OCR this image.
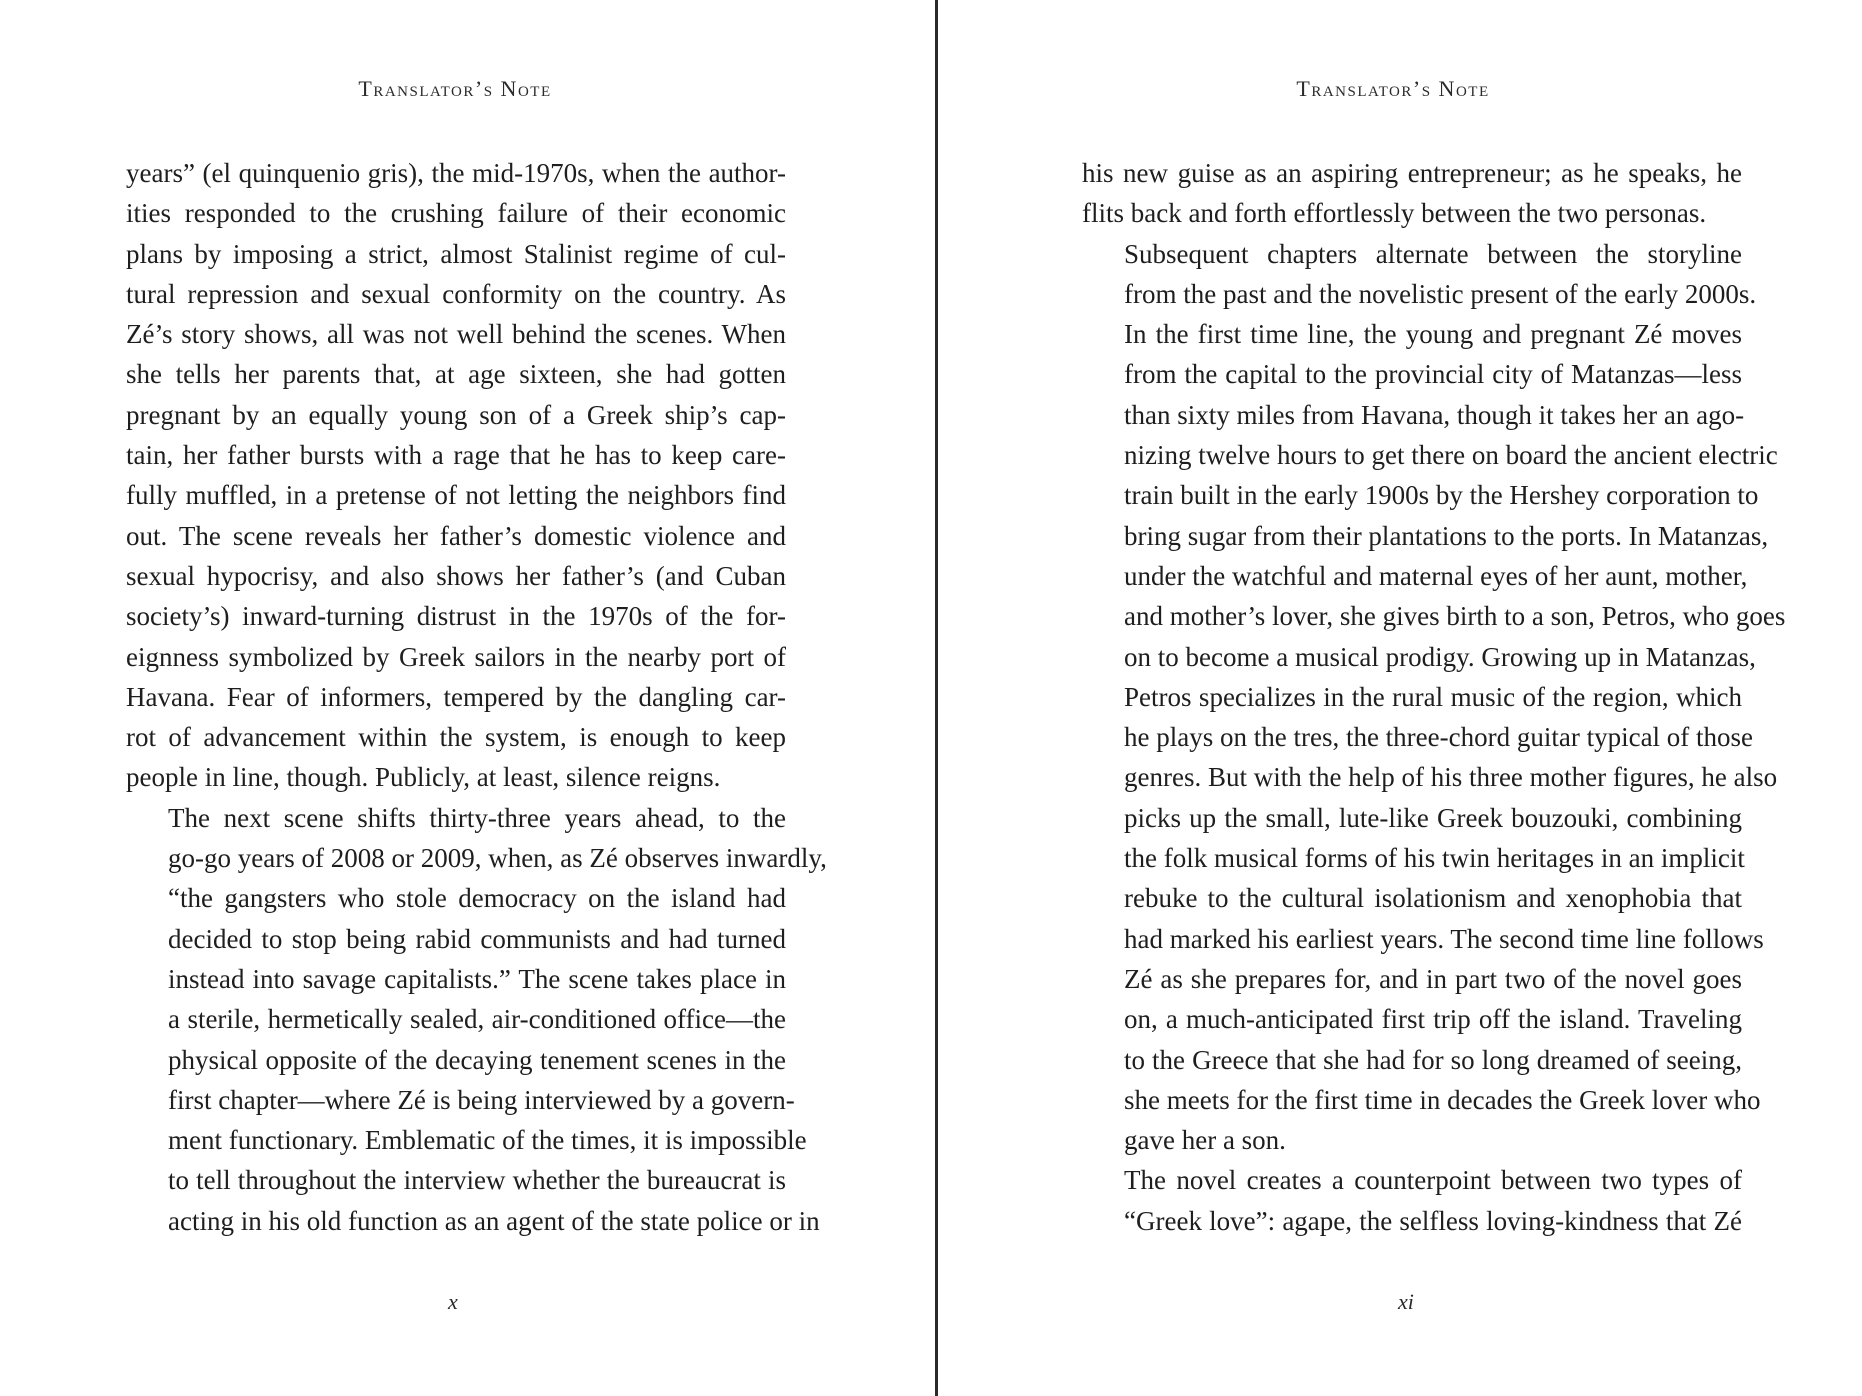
Translator’s Note

years” (el quinquenio gris), the mid-1970s, when the author-
ities responded to the crushing failure of their economic
plans by imposing a strict, almost Stalinist regime of cul-
tural repression and sexual conformity on the country. As
Zé’s story shows, all was not well behind the scenes. When
she tells her parents that, at age sixteen, she had gotten
pregnant by an equally young son of a Greek ship’s cap-
tain, her father bursts with a rage that he has to keep care-
fully muffled, in a pretense of not letting the neighbors find
out. The scene reveals her father’s domestic violence and
sexual hypocrisy, and also shows her father’s (and Cuban
society’s) inward-turning distrust in the 1970s of the for-
eignness symbolized by Greek sailors in the nearby port of
Havana. Fear of informers, tempered by the dangling car-
rot of advancement within the system, is enough to keep
people in line, though. Publicly, at least, silence reigns.

The next scene shifts thirty-three years ahead, to the
go-go years of 2008 or 2009, when, as Zé observes inwardly,
“the gangsters who stole democracy on the island had
decided to stop being rabid communists and had turned
instead into savage capitalists.” The scene takes place in
a sterile, hermetically sealed, air-conditioned office—the
physical opposite of the decaying tenement scenes in the
first chapter—where Zé is being interviewed by a govern-
ment functionary. Emblematic of the times, it is impossible
to tell throughout the interview whether the bureaucrat is
acting in his old function as an agent of the state police or in

x
Translator’s Note

his new guise as an aspiring entrepreneur; as he speaks, he
flits back and forth effortlessly between the two personas.

Subsequent chapters alternate between the storyline
from the past and the novelistic present of the early 2000s.
In the first time line, the young and pregnant Zé moves
from the capital to the provincial city of Matanzas—less
than sixty miles from Havana, though it takes her an ago-
nizing twelve hours to get there on board the ancient electric
train built in the early 1900s by the Hershey corporation to
bring sugar from their plantations to the ports. In Matanzas,
under the watchful and maternal eyes of her aunt, mother,
and mother’s lover, she gives birth to a son, Petros, who goes
on to become a musical prodigy. Growing up in Matanzas,
Petros specializes in the rural music of the region, which
he plays on the tres, the three-chord guitar typical of those
genres. But with the help of his three mother figures, he also
picks up the small, lute-like Greek bouzouki, combining
the folk musical forms of his twin heritages in an implicit
rebuke to the cultural isolationism and xenophobia that
had marked his earliest years. The second time line follows
Zé as she prepares for, and in part two of the novel goes
on, a much-anticipated first trip off the island. Traveling
to the Greece that she had for so long dreamed of seeing,
she meets for the first time in decades the Greek lover who
gave her a son.

The novel creates a counterpoint between two types of
“Greek love”: agape, the selfless loving-kindness that Zé

xi
